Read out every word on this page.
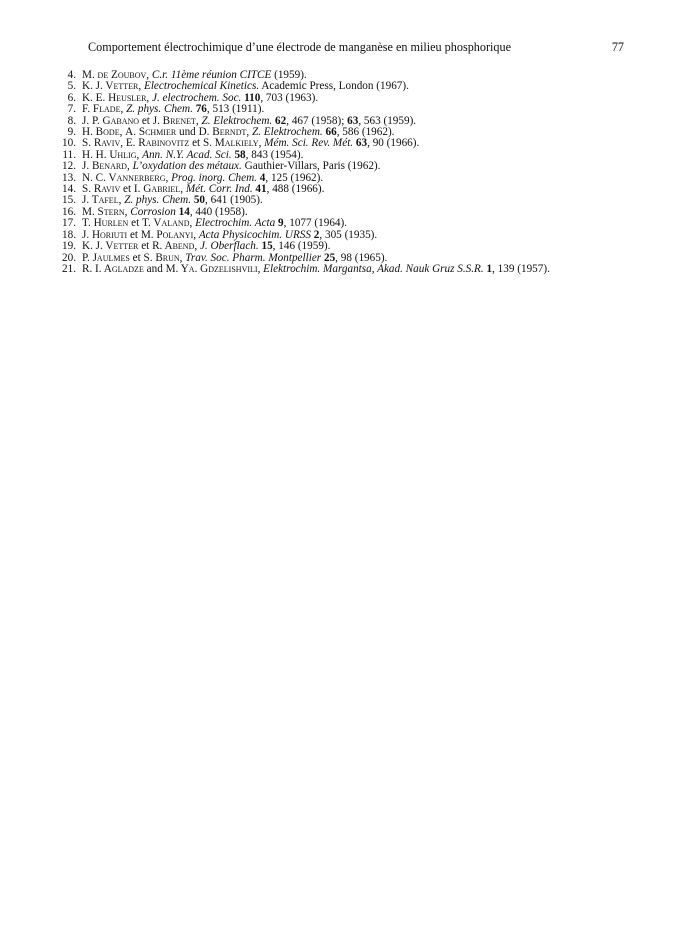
Comportement électrochimique d’une électrode de manganèse en milieu phosphorique	77
4. M. de Zoubov, C.r. 11ème réunion CITCE (1959).
5. K. J. Vetter, Electrochemical Kinetics. Academic Press, London (1967).
6. K. E. Heusler, J. electrochem. Soc. 110, 703 (1963).
7. F. Flade, Z. phys. Chem. 76, 513 (1911).
8. J. P. Gabano et J. Brenet, Z. Elektrochem. 62, 467 (1958); 63, 563 (1959).
9. H. Bode, A. Schmier und D. Berndt, Z. Elektrochem. 66, 586 (1962).
10. S. Raviv, E. Rabinovitz et S. Malkiely, Mém. Sci. Rev. Mét. 63, 90 (1966).
11. H. H. Uhlig, Ann. N.Y. Acad. Sci. 58, 843 (1954).
12. J. Benard, L’oxydation des métaux. Gauthier-Villars, Paris (1962).
13. N. C. Vannerberg, Prog. inorg. Chem. 4, 125 (1962).
14. S. Raviv et I. Gabriel, Mét. Corr. Ind. 41, 488 (1966).
15. J. Tafel, Z. phys. Chem. 50, 641 (1905).
16. M. Stern, Corrosion 14, 440 (1958).
17. T. Hurlen et T. Valand, Electrochim. Acta 9, 1077 (1964).
18. J. Horiuti et M. Polanyi, Acta Physicochim. URSS 2, 305 (1935).
19. K. J. Vetter et R. Abend, J. Oberflach. 15, 146 (1959).
20. P. Jaulmes et S. Brun, Trav. Soc. Pharm. Montpellier 25, 98 (1965).
21. R. I. Agladze and M. Ya. Gdzelishvili, Elektrochim. Margantsa, Akad. Nauk Gruz S.S.R. 1, 139 (1957).
